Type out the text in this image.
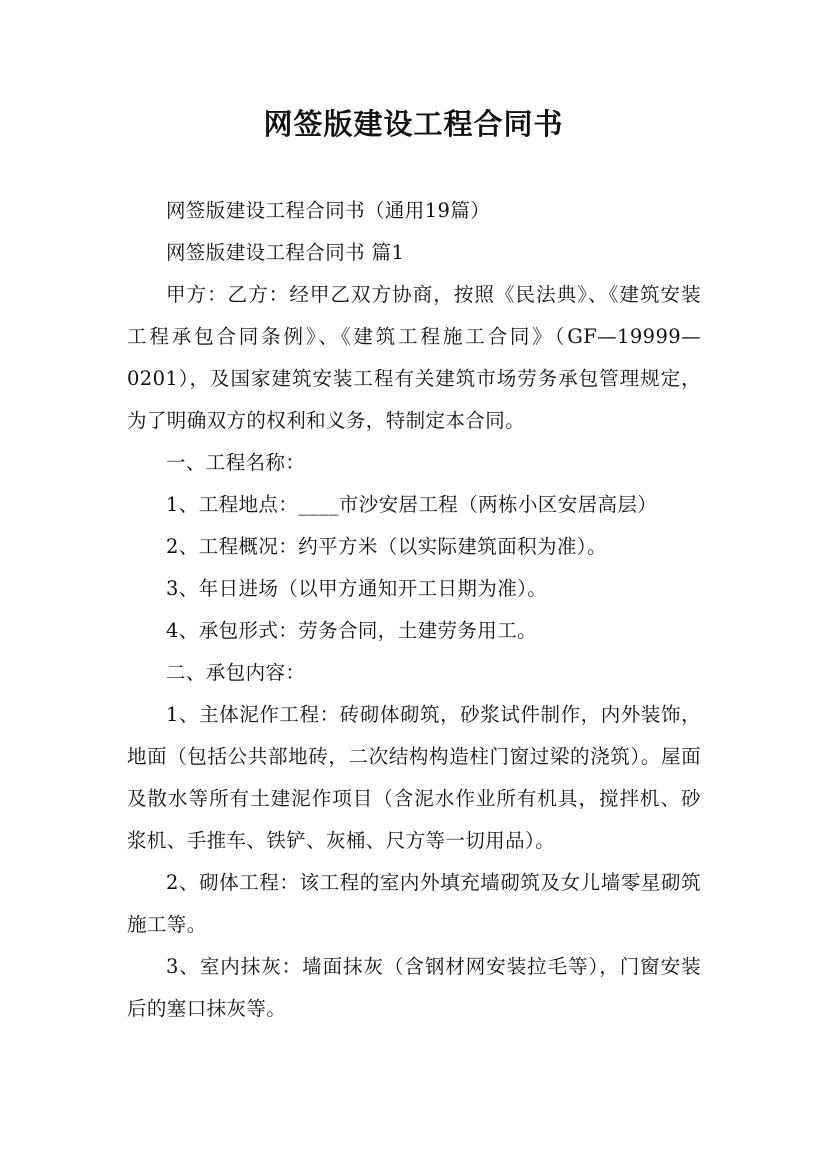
网签版建设工程合同书

网签版建设工程合同书（通用19篇）

网签版建设工程合同书 篇1

甲方：乙方：经甲乙双方协商，按照《民法典》、《建筑安装工程承包合同条例》、《建筑工程施工合同》（GF—19999—0201），及国家建筑安装工程有关建筑市场劳务承包管理规定，为了明确双方的权利和义务，特制定本合同。

一、工程名称：

1、工程地点：____市沙安居工程（两栋小区安居高层）

2、工程概况：约平方米（以实际建筑面积为准）。

3、年日进场（以甲方通知开工日期为准）。

4、承包形式：劳务合同，土建劳务用工。

二、承包内容：

1、主体泥作工程：砖砌体砌筑，砂浆试件制作，内外装饰，地面（包括公共部地砖，二次结构构造柱门窗过梁的浇筑）。屋面及散水等所有土建泥作项目（含泥水作业所有机具，搅拌机、砂浆机、手推车、铁铲、灰桶、尺方等一切用品）。

2、砌体工程：该工程的室内外填充墙砌筑及女儿墙零星砌筑施工等。

3、室内抹灰：墙面抹灰（含钢材网安装拉毛等），门窗安装后的塞口抹灰等。
